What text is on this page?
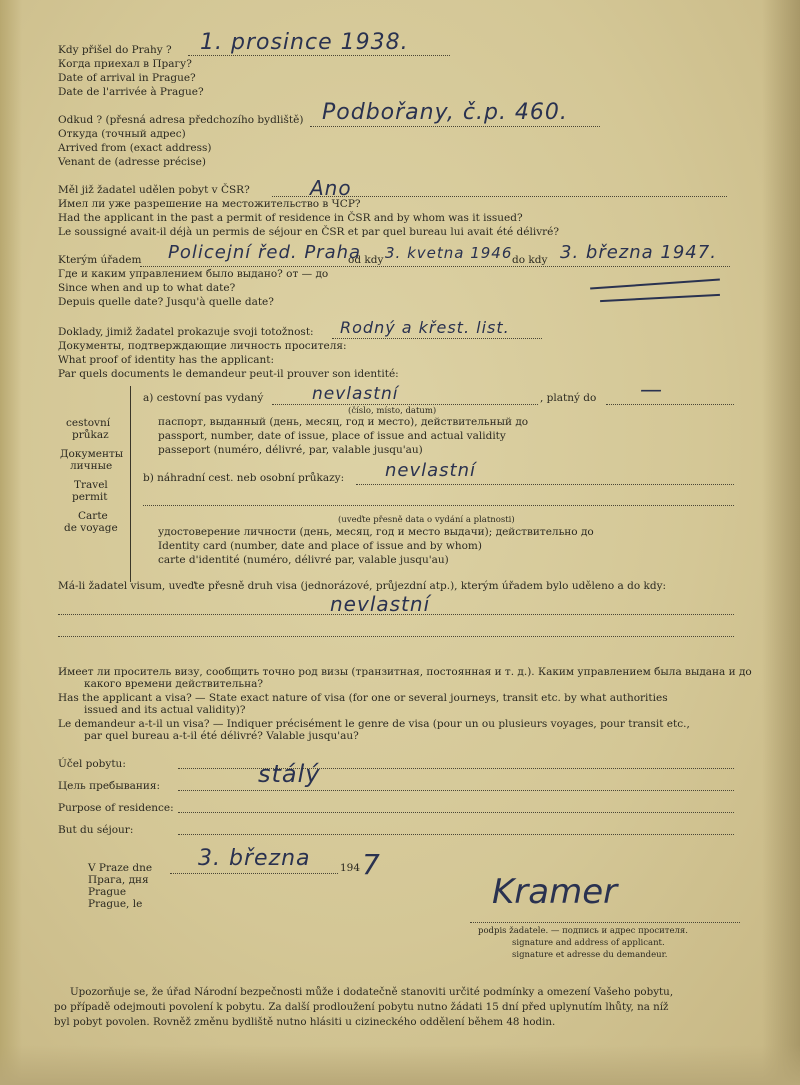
Kdy přišel do Prahy ? 1. prosince 1938.
Когда приехал в Прагу?
Date of arrival in Prague?
Date de l'arrivée à Prague?
Odkud ? (přesná adresa předchozího bydliště) Podbořany, č.p. 460.
Откуда (точный адрес)
Arrived from (exact address)
Venant de (adresse précise)
Měl již žadatel udělen pobyt v ČSR?	Ano
Имел ли уже разрешение на местожительство в ЧСР?
Had the applicant in the past a permit of residence in ČSR and by whom was it issued?
Le soussigné avait-il déjà un permis de séjour en ČSR et par quel bureau lui avait été délivré?
Kterým úřadem	od kdy	do kdy
Policejní řed. Praha 3. kvetna 1946	3. března 1947.
Где и каким управлением было выдано? от — до
Since when and up to what date?
Depuis quelle date? Jusqu'à quelle date?
Doklady, jimiž žadatel prokazuje svoji totožnost: Rodný a křest. list.
Документы, подтверждающие личность просителя:
What proof of identity has the applicant:
Par quels documents le demandeur peut-il prouver son identité:
cestovní
průkaz
Документы
личные
Travel
permit
Carte
de voyage
a) cestovní pas vydaný	nevlastní	, platný do —
(číslo, místo, datum)
паспорт, выданный (день, месяц, год и место), действительный до
passport, number, date of issue, place of issue and actual validity
passeport (numéro, délivré, par, valable jusqu'au)
b) náhradní cest. neb osobní průkazy: nevlastní
(uveďte přesně data o vydání a platnosti)
удостоверение личности (день, месяц, год и место выдачи); действительно до
Identity card (number, date and place of issue and by whom)
carte d'identité (numéro, délivré par, valable jusqu'au)
Má-li žadatel visum, uveďte přesně druh visa (jednorázové, průjezdní atp.), kterým úřadem bylo uděleno a do kdy:
nevlastní
Имеет ли проситель визу, сообщить точно род визы (транзитная, постоянная и т. д.). Каким управлением была выдана и до
какого времени действительна?
Has the applicant a visa? — State exact nature of visa (for one or several journeys, transit etc. by what authorities
issued and its actual validity)?
Le demandeur a-t-il un visa? — Indiquer précisément le genre de visa (pour un ou plusieurs voyages, pour transit etc.,
par quel bureau a-t-il été délivré? Valable jusqu'au?
Účel pobytu:
Цель пребывания:	stálý
Purpose of residence:
But du séjour:
V Praze dne 3. března	194 7
Прага, дня
Prague
Prague, le	Kramer
podpis žadatele. — подпись и адрес просителя.
signature and address of applicant.
signature et adresse du demandeur.
Upozorňuje se, že úřad Národní bezpečnosti může i dodatečně stanoviti určité podmínky a omezení Vašeho pobytu,
po případě odejmouti povolení k pobytu. Za další prodloužení pobytu nutno žádati 15 dní před uplynutím lhůty, na níž
byl pobyt povolen. Rovněž změnu bydliště nutno hlásiti u cizineckého oddělení během 48 hodin.
